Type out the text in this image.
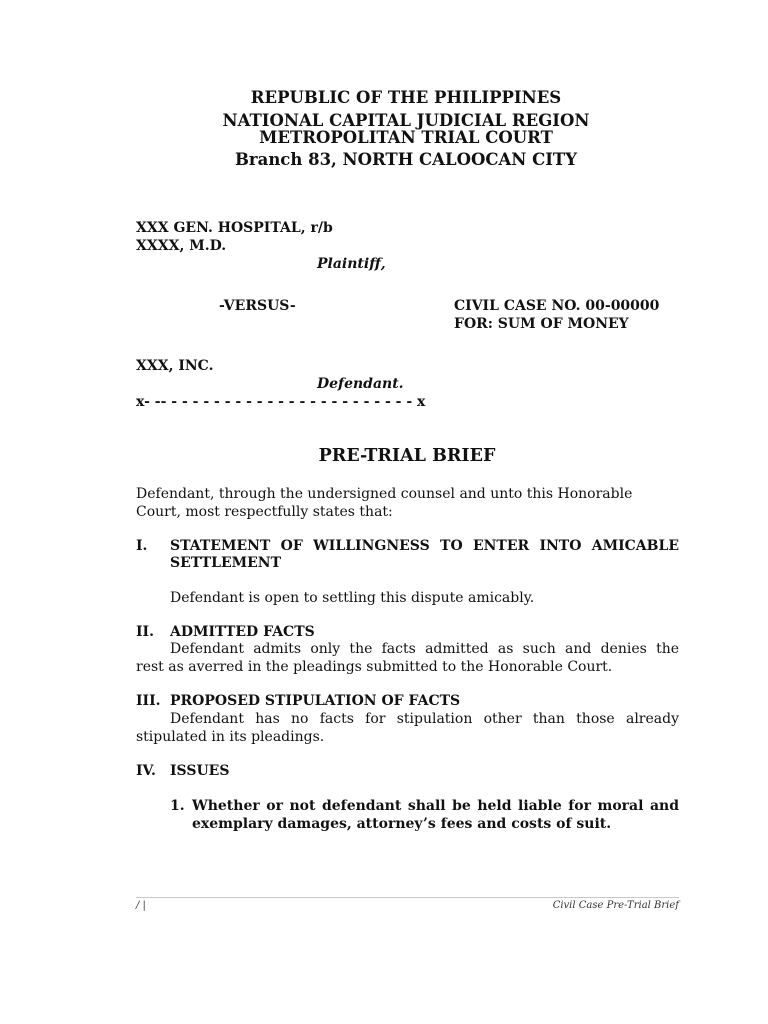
REPUBLIC OF THE PHILIPPINES
NATIONAL CAPITAL JUDICIAL REGION
METROPOLITAN TRIAL COURT
Branch 83, NORTH CALOOCAN CITY
XXX GEN. HOSPITAL, r/b
XXXX, M.D.
Plaintiff,
-VERSUS-	CIVIL CASE NO. 00-00000
FOR: SUM OF MONEY
XXX, INC.
Defendant.
x- -- - - - - - - - - - - - - - - - - - - - - - - - x
PRE-TRIAL BRIEF
Defendant, through the undersigned counsel and unto this Honorable
Court, most respectfully states that:
I. STATEMENT OF WILLINGNESS TO ENTER INTO AMICABLE
SETTLEMENT
Defendant is open to settling this dispute amicably.
II. ADMITTED FACTS
Defendant admits only the facts admitted as such and denies the
rest as averred in the pleadings submitted to the Honorable Court.
III. PROPOSED STIPULATION OF FACTS
Defendant has no facts for stipulation other than those already
stipulated in its pleadings.
IV. ISSUES
1. Whether or not defendant shall be held liable for moral and
exemplary damages, attorney’s fees and costs of suit.
/ |	Civil Case Pre-Trial Brief
